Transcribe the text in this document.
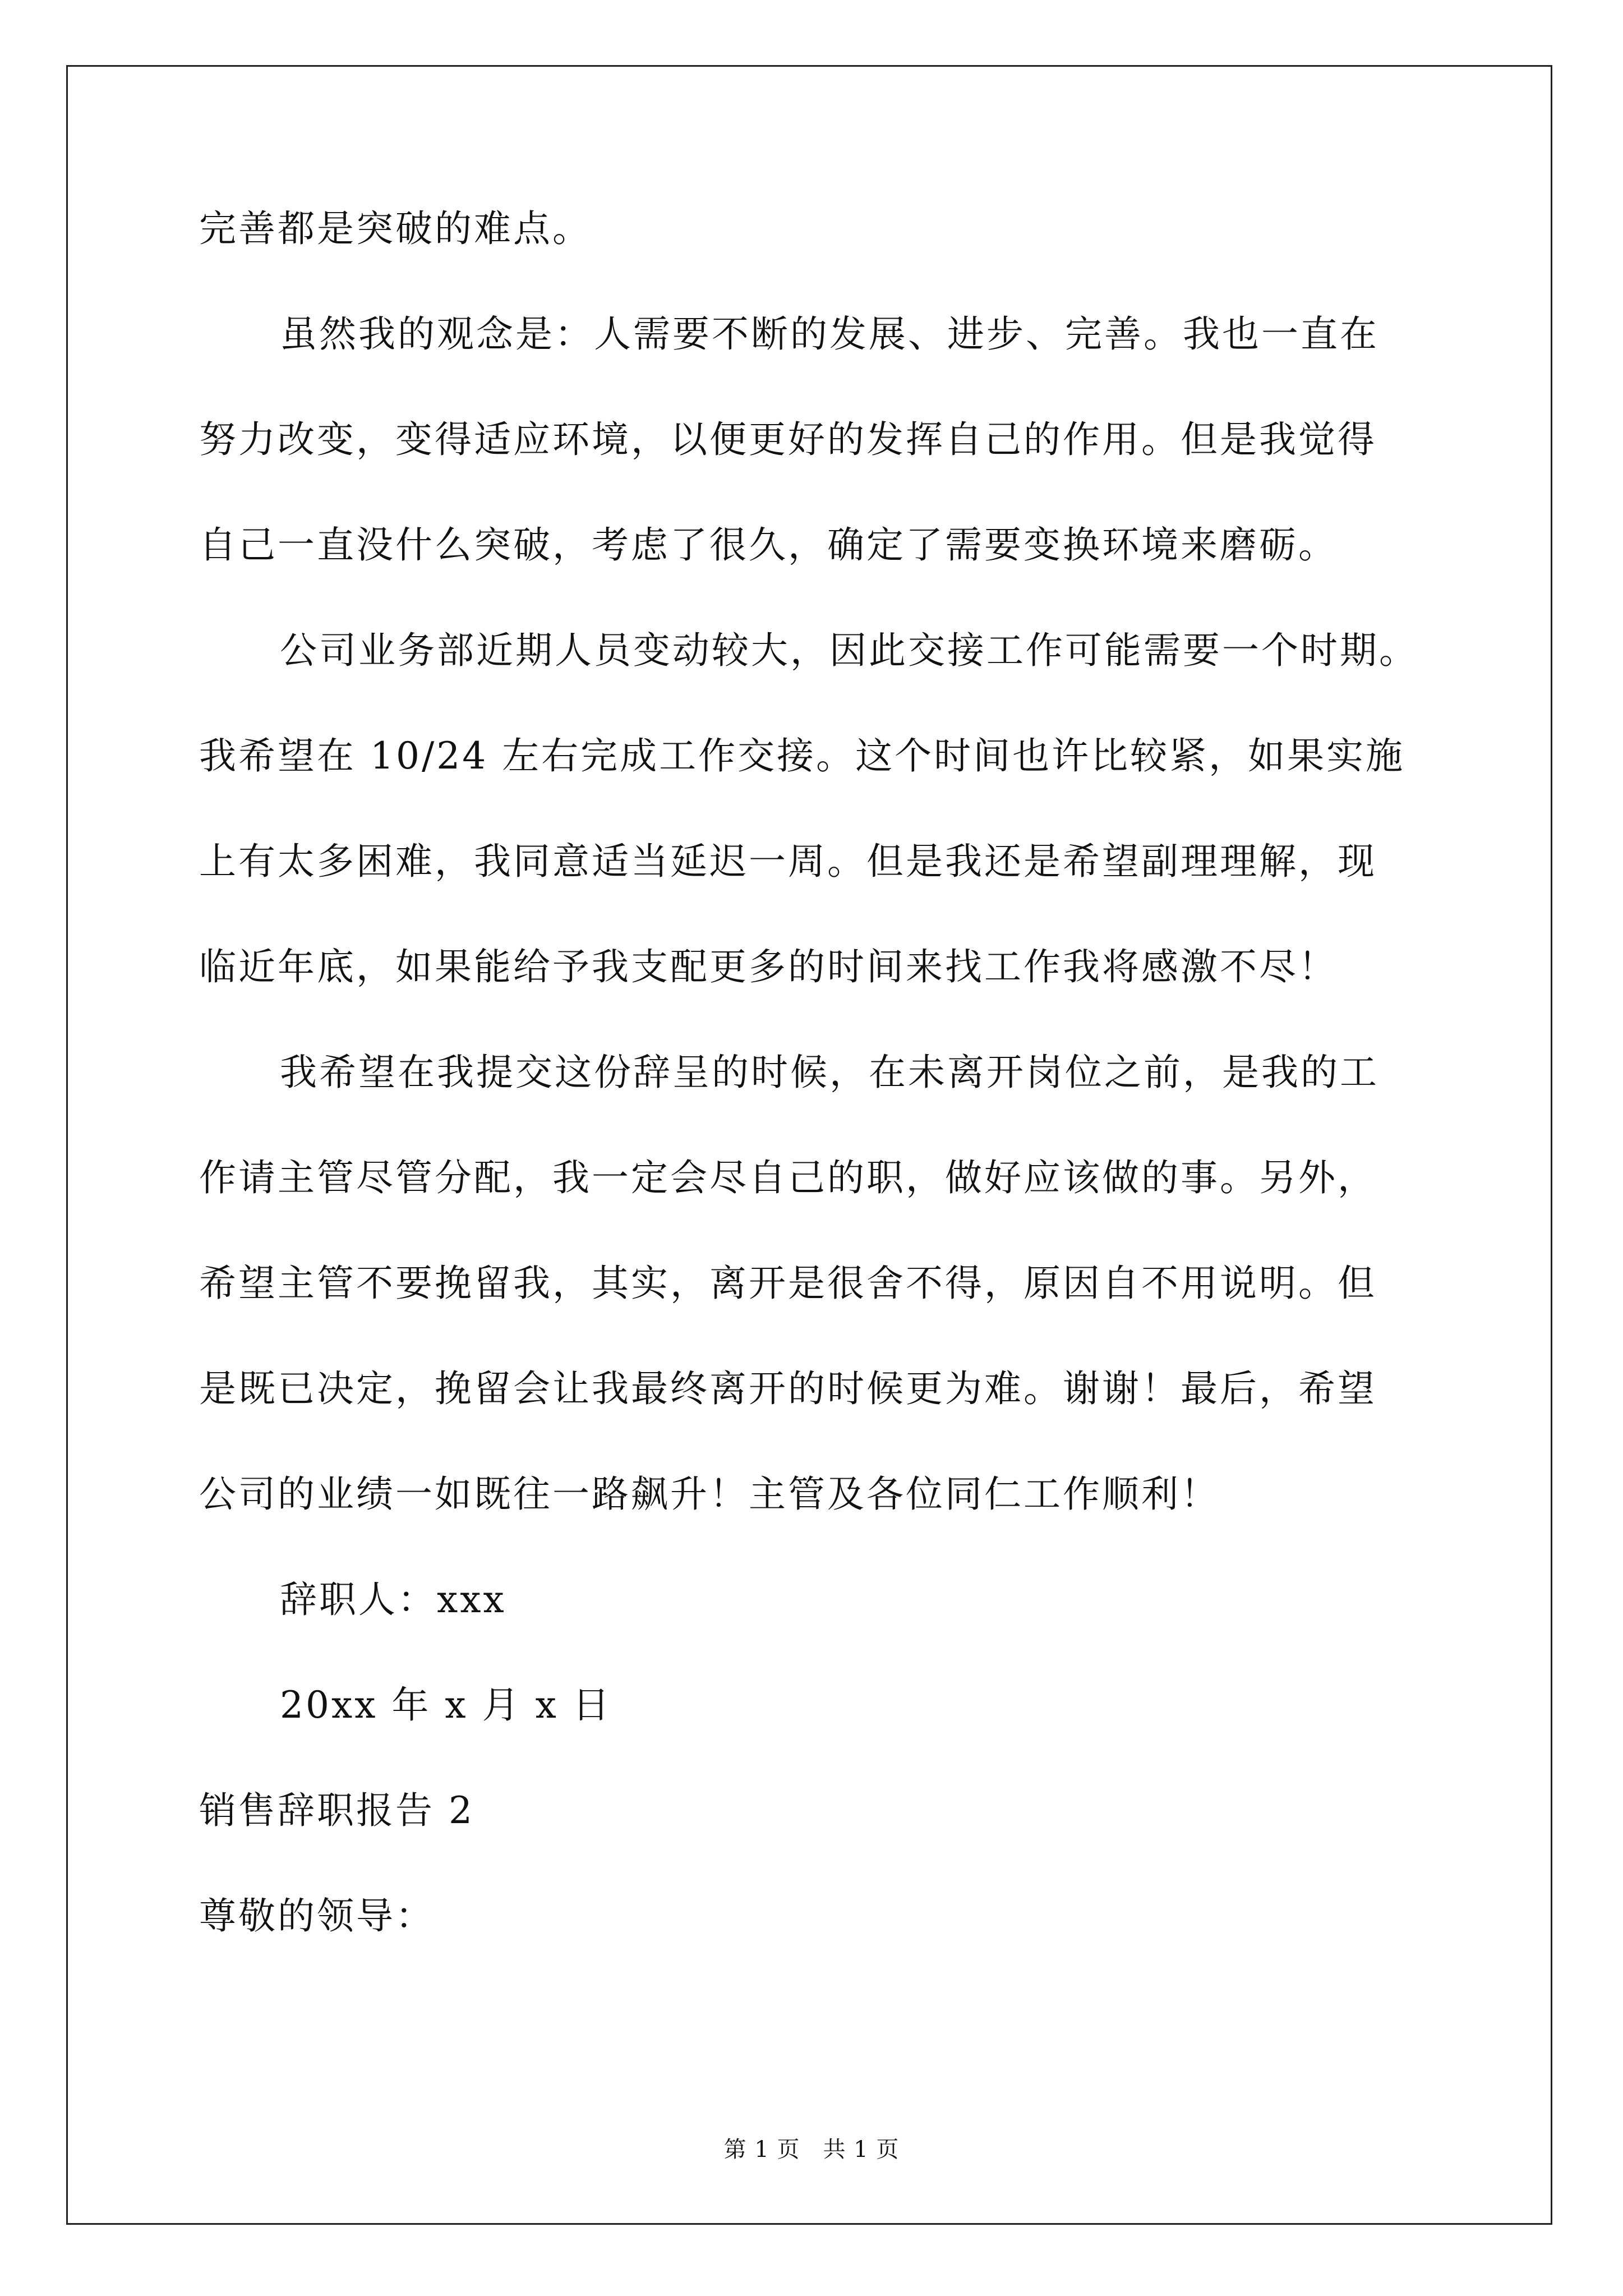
完善都是突破的难点。
虽然我的观念是：人需要不断的发展、进步、完善。我也一直在
努力改变，变得适应环境，以便更好的发挥自己的作用。但是我觉得
自己一直没什么突破，考虑了很久，确定了需要变换环境来磨砺。
公司业务部近期人员变动较大，因此交接工作可能需要一个时期。
我希望在 10/24 左右完成工作交接。这个时间也许比较紧，如果实施
上有太多困难，我同意适当延迟一周。但是我还是希望副理理解，现
临近年底，如果能给予我支配更多的时间来找工作我将感激不尽！
我希望在我提交这份辞呈的时候，在未离开岗位之前，是我的工
作请主管尽管分配，我一定会尽自己的职，做好应该做的事。另外，
希望主管不要挽留我，其实，离开是很舍不得，原因自不用说明。但
是既已决定，挽留会让我最终离开的时候更为难。谢谢！最后，希望
公司的业绩一如既往一路飙升！主管及各位同仁工作顺利！
辞职人：xxx
20xx 年 x 月 x 日
销售辞职报告 2
尊敬的领导：
第 1 页　共 1 页
